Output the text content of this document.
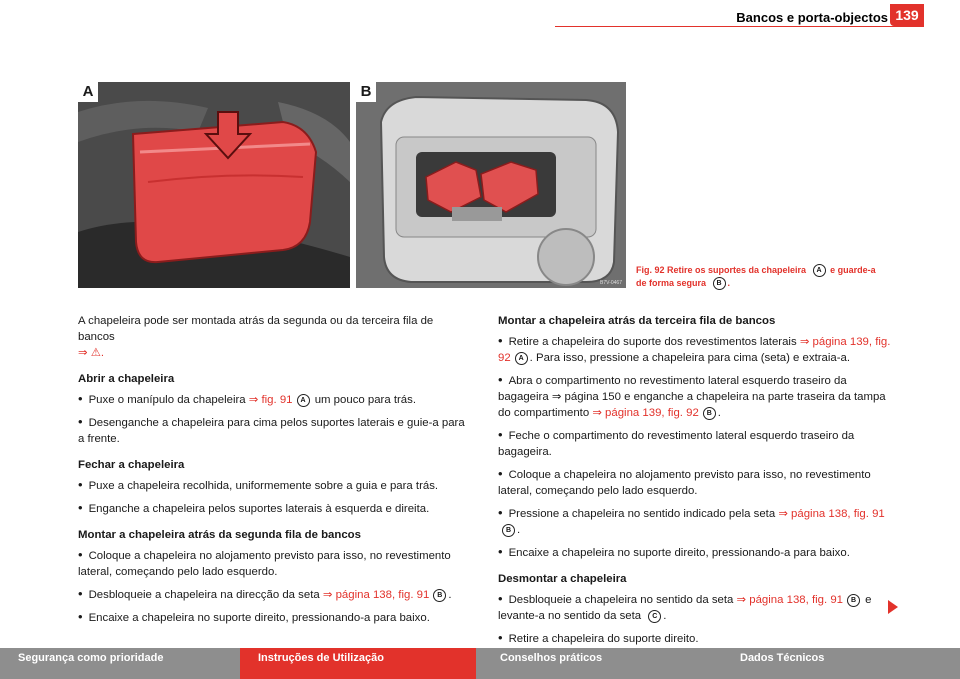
Bancos e porta-objectos 139
A	B
B7V-0467
Fig. 92 Retire os suportes da chapeleira A e guarde-a
de forma segura B .

A chapeleira pode ser montada atrás da segunda ou da terceira fila de bancos
⇒ ⚠.

Abrir a chapeleira

• Puxe o manípulo da chapeleira ⇒ fig. 91 A um pouco para trás.

• Desenganche a chapeleira para cima pelos suportes laterais e guie-a para a frente.

Fechar a chapeleira

• Puxe a chapeleira recolhida, uniformemente sobre a guia e para trás.

• Enganche a chapeleira pelos suportes laterais à esquerda e direita.

Montar a chapeleira atrás da segunda fila de bancos

• Coloque a chapeleira no alojamento previsto para isso, no revestimento lateral, começando pelo lado esquerdo.

• Desbloqueie a chapeleira na direcção da seta ⇒ página 138, fig. 91 B .

• Encaixe a chapeleira no suporte direito, pressionando-a para baixo.

Montar a chapeleira atrás da terceira fila de bancos

• Retire a chapeleira do suporte dos revestimentos laterais ⇒ página 139, fig. 92 A . Para isso, pressione a chapeleira para cima (seta) e extraia-a.

• Abra o compartimento no revestimento lateral esquerdo traseiro da bagageira ⇒ página 150 e enganche a chapeleira na parte traseira da tampa do compartimento ⇒ página 139, fig. 92 B .

• Feche o compartimento do revestimento lateral esquerdo traseiro da bagageira.

• Coloque a chapeleira no alojamento previsto para isso, no revestimento lateral, começando pelo lado esquerdo.

• Pressione a chapeleira no sentido indicado pela seta ⇒ página 138, fig. 91B .

• Encaixe a chapeleira no suporte direito, pressionando-a para baixo.

Desmontar a chapeleira

• Desbloqueie a chapeleira no sentido da seta ⇒ página 138, fig. 91 B e levante-a no sentido da seta C .

• Retire a chapeleira do suporte direito.

Segurança como prioridade	Instruções de Utilização	Conselhos práticos	Dados Técnicos
